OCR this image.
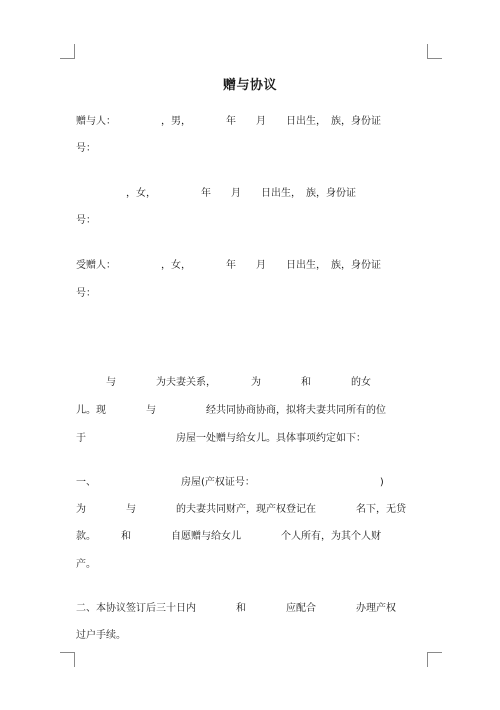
赠与协议
赠与人：　　　　　，男，　　　　年　　月　　日出生，　族，身份证
号：
　　　　　，女，　　　　　年　　月　　日出生，　族，身份证
号：
受赠人：　　　　　，女，　　　　年　　月　　日出生，　族，身份证
号：
　　　与　　　　为夫妻关系，　　　　为　　　　和　　　　的女
儿。现　　　　与　　　　　经共同协商协商，拟将夫妻共同所有的位
于　　　　　　　　　房屋一处赠与给女儿。具体事项约定如下：
一、　　　　　　　　　房屋(产权证号：　　　　　　　　　　　　　)
为　　　　与　　　　的夫妻共同财产，现产权登记在　　　　名下，无贷
款。　　　和　　　　自愿赠与给女儿　　　　个人所有，为其个人财
产。
二、本协议签订后三十日内　　　　和　　　　应配合　　　　办理产权
过户手续。
